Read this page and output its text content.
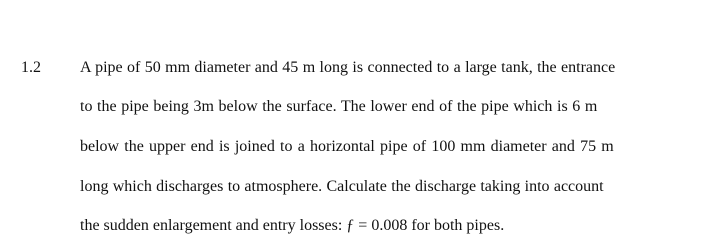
1.2 A pipe of 50 mm diameter and 45 m long is connected to a large tank, the entrance
to the pipe being 3m below the surface. The lower end of the pipe which is 6 m
below the upper end is joined to a horizontal pipe of 100 mm diameter and 75 m
long which discharges to atmosphere. Calculate the discharge taking into account
the sudden enlargement and entry losses: ƒ = 0.008 for both pipes.
